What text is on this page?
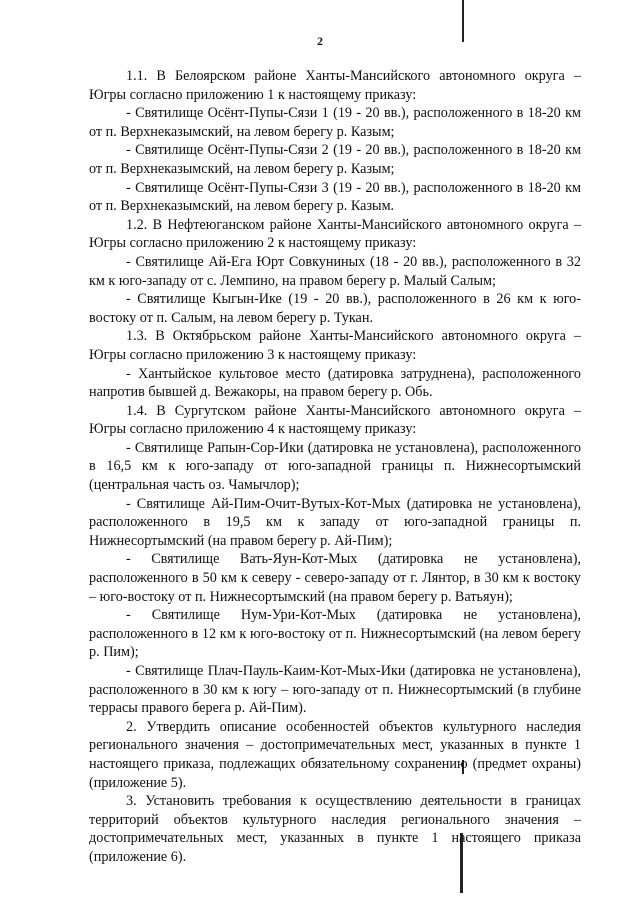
2

1.1. В Белоярском районе Ханты-Мансийского автономного округа – Югры согласно приложению 1 к настоящему приказу:

- Святилище Осёнт-Пупы-Сязи 1 (19 - 20 вв.), расположенного в 18-20 км от п. Верхнеказымский, на левом берегу р. Казым;

- Святилище Осёнт-Пупы-Сязи 2 (19 - 20 вв.), расположенного в 18-20 км от п. Верхнеказымский, на левом берегу р. Казым;

- Святилище Осёнт-Пупы-Сязи 3 (19 - 20 вв.), расположенного в 18-20 км от п. Верхнеказымский, на левом берегу р. Казым.

1.2. В Нефтеюганском районе Ханты-Мансийского автономного округа – Югры согласно приложению 2 к настоящему приказу:

- Святилище Ай-Ега Юрт Совкуниных (18 - 20 вв.), расположенного в 32 км к юго-западу от с. Лемпино, на правом берегу р. Малый Салым;

- Святилище Кыгын-Ике (19 - 20 вв.), расположенного в 26 км к юго-востоку от п. Салым, на левом берегу р. Тукан.

1.3. В Октябрьском районе Ханты-Мансийского автономного округа – Югры согласно приложению 3 к настоящему приказу:

- Хантыйское культовое место (датировка затруднена), расположенного напротив бывшей д. Вежакоры, на правом берегу р. Обь.

1.4. В Сургутском районе Ханты-Мансийского автономного округа – Югры согласно приложению 4 к настоящему приказу:

- Святилище Рапын-Сор-Ики (датировка не установлена), расположенного в 16,5 км к юго-западу от юго-западной границы п. Нижнесортымский (центральная часть оз. Чамычлор);

- Святилище Ай-Пим-Очит-Вутых-Кот-Мых (датировка не установлена), расположенного в 19,5 км к западу от юго-западной границы п. Нижнесортымский (на правом берегу р. Ай-Пим);

- Святилище Вать-Яун-Кот-Мых (датировка не установлена), расположенного в 50 км к северу - северо-западу от г. Лянтор, в 30 км к востоку – юго-востоку от п. Нижнесортымский (на правом берегу р. Ватьяун);

- Святилище Нум-Ури-Кот-Мых (датировка не установлена), расположенного в 12 км к юго-востоку от п. Нижнесортымский (на левом берегу р. Пим);

- Святилище Плач-Пауль-Каим-Кот-Мых-Ики (датировка не установлена), расположенного в 30 км к югу – юго-западу от п. Нижнесортымский (в глубине террасы правого берега р. Ай-Пим).

2. Утвердить описание особенностей объектов культурного наследия регионального значения – достопримечательных мест, указанных в пункте 1 настоящего приказа, подлежащих обязательному сохранению (предмет охраны) (приложение 5).

3. Установить требования к осуществлению деятельности в границах территорий объектов культурного наследия регионального значения – достопримечательных мест, указанных в пункте 1 настоящего приказа (приложение 6).
